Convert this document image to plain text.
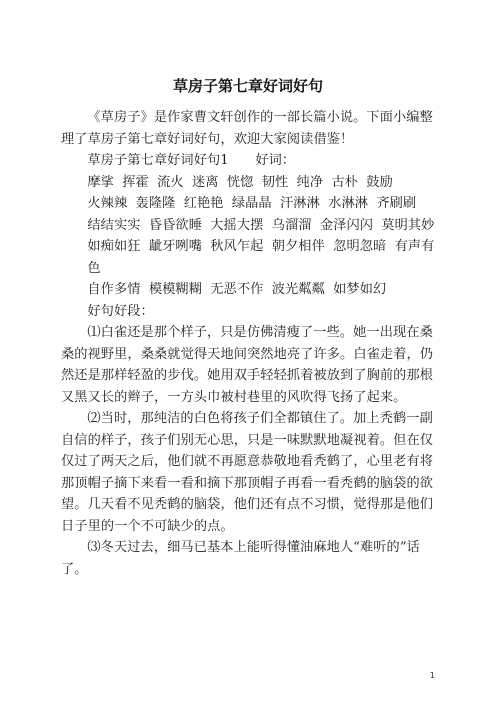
草房子第七章好词好句

《草房子》是作家曹文轩创作的一部长篇小说。下面小编整理了草房子第七章好词好句，欢迎大家阅读借鉴！

草房子第七章好词好句1　　好词：

摩挲 挥霍 流火 迷离 恍惚 韧性 纯净 古朴 鼓励

火辣辣 轰隆隆 红艳艳 绿晶晶 汗淋淋 水淋淋 齐刷刷

结结实实 昏昏欲睡 大摇大摆 乌溜溜 金泽闪闪 莫明其妙

如痴如狂 龇牙咧嘴 秋风乍起 朝夕相伴 忽明忽暗 有声有色

自作多情 模模糊糊 无恶不作 波光粼粼 如梦如幻

好句好段：

⑴白雀还是那个样子，只是仿佛清瘦了一些。她一出现在桑桑的视野里，桑桑就觉得天地间突然地亮了许多。白雀走着，仍然还是那样轻盈的步伐。她用双手轻轻抓着被放到了胸前的那根又黑又长的辫子，一方头巾被村巷里的风吹得飞扬了起来。

⑵当时，那纯洁的白色将孩子们全都镇住了。加上秃鹤一副自信的样子，孩子们别无心思，只是一味默默地凝视着。但在仅仅过了两天之后，他们就不再愿意恭敬地看秃鹤了，心里老有将那顶帽子摘下来看一看和摘下那顶帽子再看一看秃鹤的脑袋的欲望。几天看不见秃鹤的脑袋，他们还有点不习惯，觉得那是他们日子里的一个不可缺少的点。

⑶冬天过去，细马已基本上能听得懂油麻地人“难听的”话了。

1
